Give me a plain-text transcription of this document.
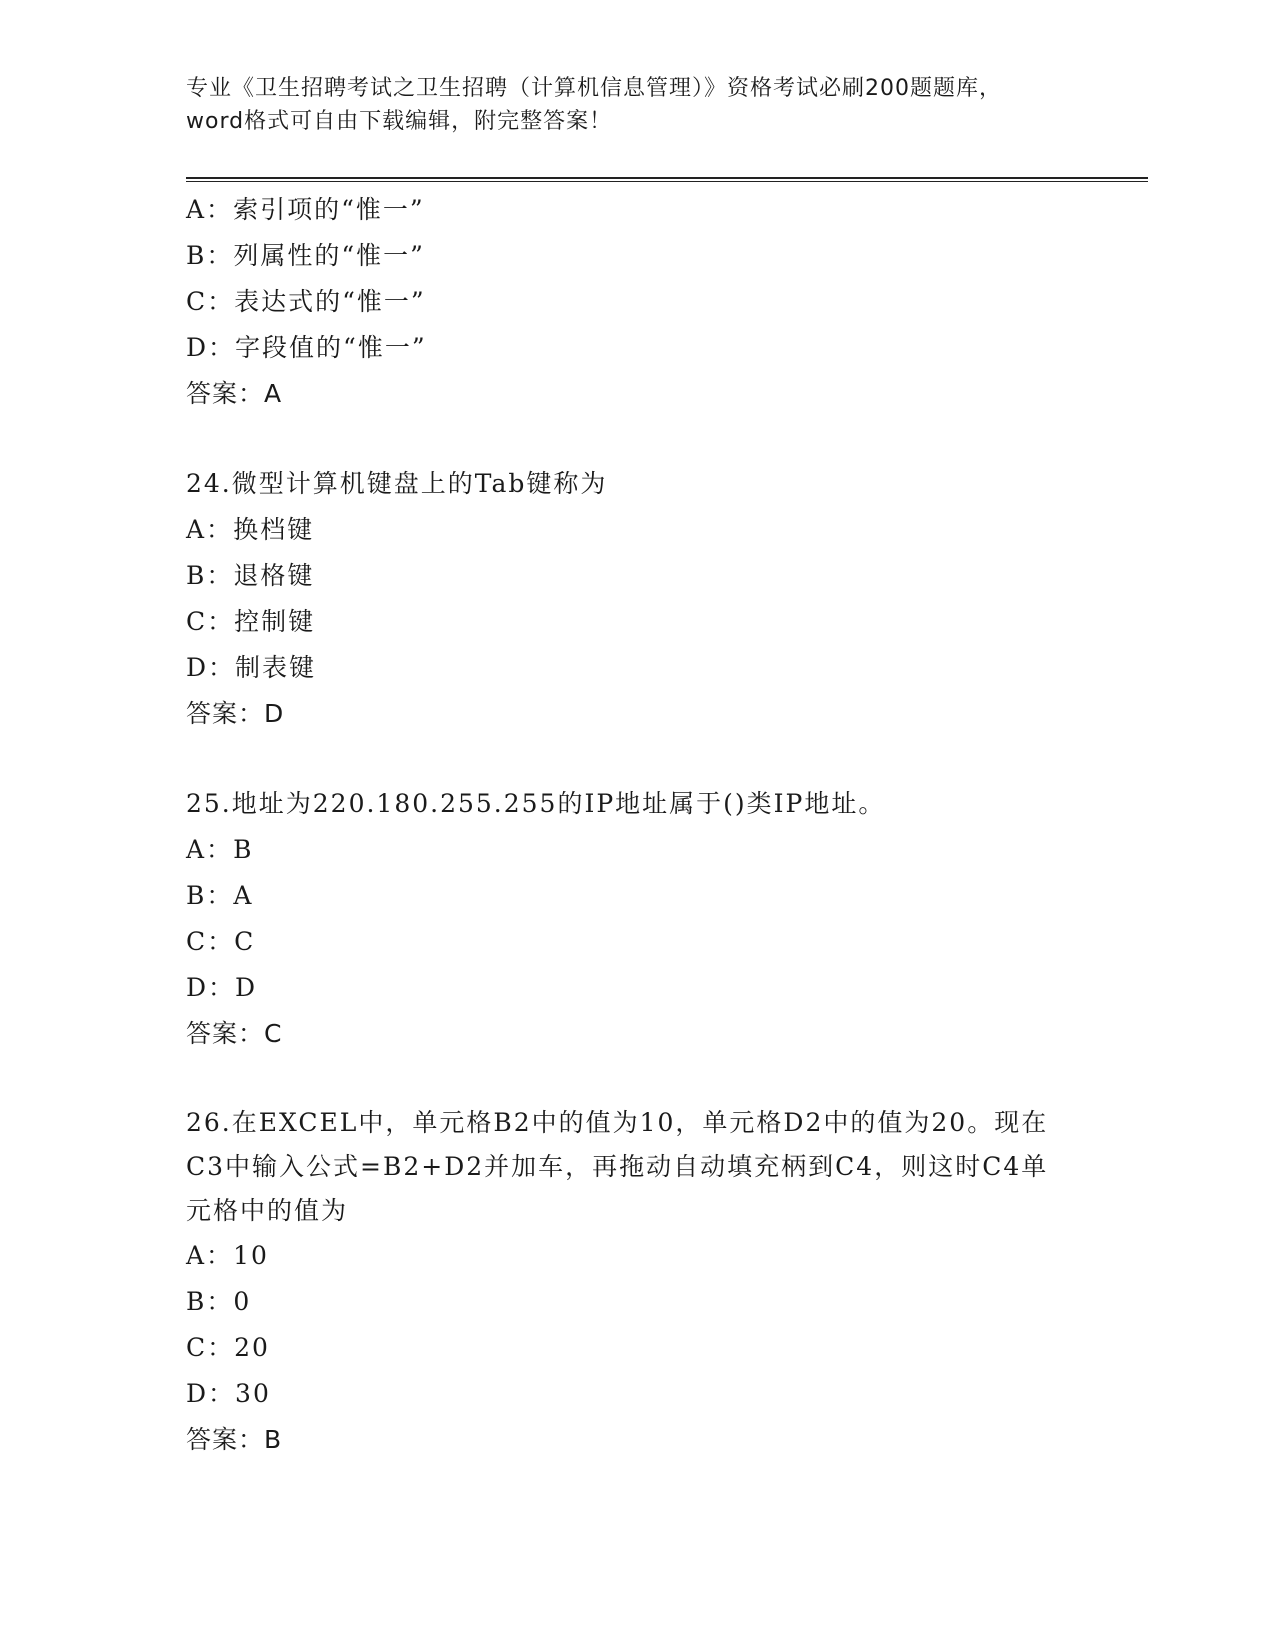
专业《卫生招聘考试之卫生招聘（计算机信息管理）》资格考试必刷200题题库，
word格式可自由下载编辑，附完整答案！
A：索引项的“惟一”
B：列属性的“惟一”
C：表达式的“惟一”
D：字段值的“惟一”
答案：A
24.微型计算机键盘上的Tab键称为
A：换档键
B：退格键
C：控制键
D：制表键
答案：D
25.地址为220.180.255.255的IP地址属于()类IP地址。
A：B
B：A
C：C
D：D
答案：C
26.在EXCEL中，单元格B2中的值为10，单元格D2中的值为20。现在C3中输入公式=B2+D2并加车，再拖动自动填充柄到C4，则这时C4单元格中的值为
A：10
B：0
C：20
D：30
答案：B
